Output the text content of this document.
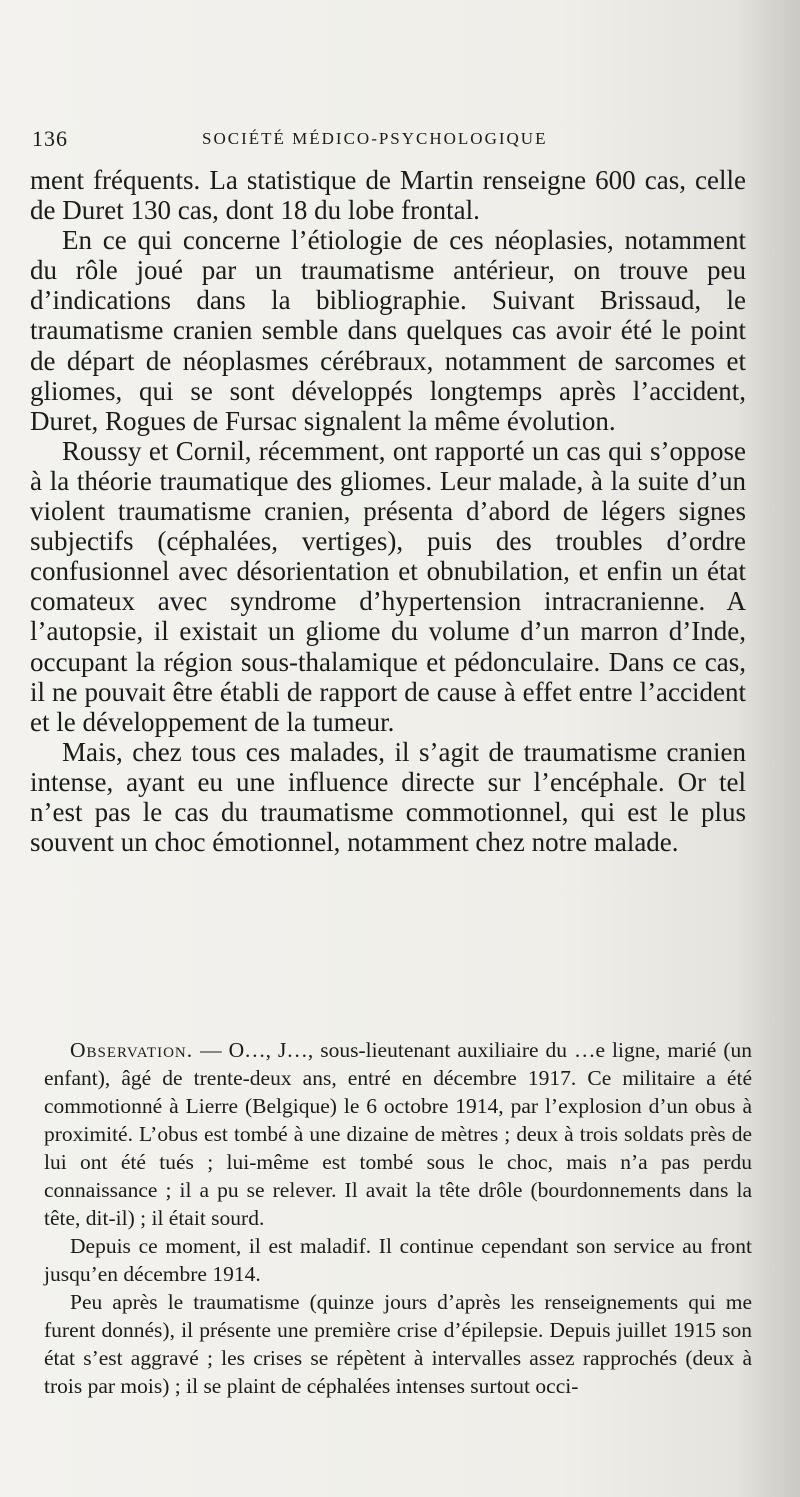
136	SOCIÉTÉ MÉDICO-PSYCHOLOGIQUE

ment fréquents. La statistique de Martin renseigne 600 cas, celle de Duret 130 cas, dont 18 du lobe frontal.

En ce qui concerne l’étiologie de ces néoplasies, notamment du rôle joué par un traumatisme antérieur, on trouve peu d’indications dans la bibliographie. Suivant Brissaud, le traumatisme cranien semble dans quelques cas avoir été le point de départ de néoplasmes cérébraux, notamment de sarcomes et gliomes, qui se sont développés longtemps après l’accident, Duret, Rogues de Fursac signalent la même évolution.

Roussy et Cornil, récemment, ont rapporté un cas qui s’oppose à la théorie traumatique des gliomes. Leur malade, à la suite d’un violent traumatisme cranien, présenta d’abord de légers signes subjectifs (céphalées, vertiges), puis des troubles d’ordre confusionnel avec désorientation et obnubilation, et enfin un état comateux avec syndrome d’hypertension intracranienne. A l’autopsie, il existait un gliome du volume d’un marron d’Inde, occupant la région sous-thalamique et pédonculaire. Dans ce cas, il ne pouvait être établi de rapport de cause à effet entre l’accident et le développement de la tumeur.

Mais, chez tous ces malades, il s’agit de traumatisme cranien intense, ayant eu une influence directe sur l’encéphale. Or tel n’est pas le cas du traumatisme commotionnel, qui est le plus souvent un choc émotionnel, notamment chez notre malade.

Observation. — O…, J…, sous-lieutenant auxiliaire du …e ligne, marié (un enfant), âgé de trente-deux ans, entré en décembre 1917. Ce militaire a été commotionné à Lierre (Belgique) le 6 octobre 1914, par l’explosion d’un obus à proximité. L’obus est tombé à une dizaine de mètres ; deux à trois soldats près de lui ont été tués ; lui-même est tombé sous le choc, mais n’a pas perdu connaissance ; il a pu se relever. Il avait la tête drôle (bourdonnements dans la tête, dit-il) ; il était sourd.

Depuis ce moment, il est maladif. Il continue cependant son service au front jusqu’en décembre 1914.

Peu après le traumatisme (quinze jours d’après les renseignements qui me furent donnés), il présente une première crise d’épilepsie. Depuis juillet 1915 son état s’est aggravé ; les crises se répètent à intervalles assez rapprochés (deux à trois par mois) ; il se plaint de céphalées intenses surtout occi-
